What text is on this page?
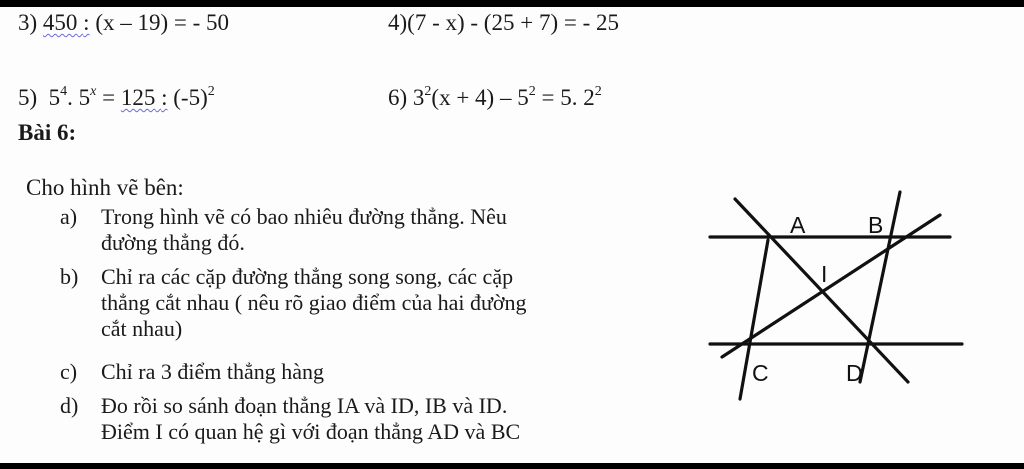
3) 450 : (x – 19) = - 50	4)(7 - x) - (25 + 7) = - 25
5) $5^4$. $5^x = 125$ : $(-5)^2$	6) $3^2(x + 4) - 5^2 = 5$. $2^2$
Bài 6:
Cho hình vẽ bên:
a) Trong hình vẽ có bao nhiêu đường thẳng. Nêu
đường thẳng đó.
b) Chỉ ra các cặp đường thẳng song song, các cặp
thẳng cắt nhau ( nêu rõ giao điểm của hai đường
cắt nhau)
c) Chỉ ra 3 điểm thẳng hàng
d) Đo rồi so sánh đoạn thẳng IA và ID, IB và ID.
Điểm I có quan hệ gì với đoạn thẳng AD và BC
A	B
I
C	D
